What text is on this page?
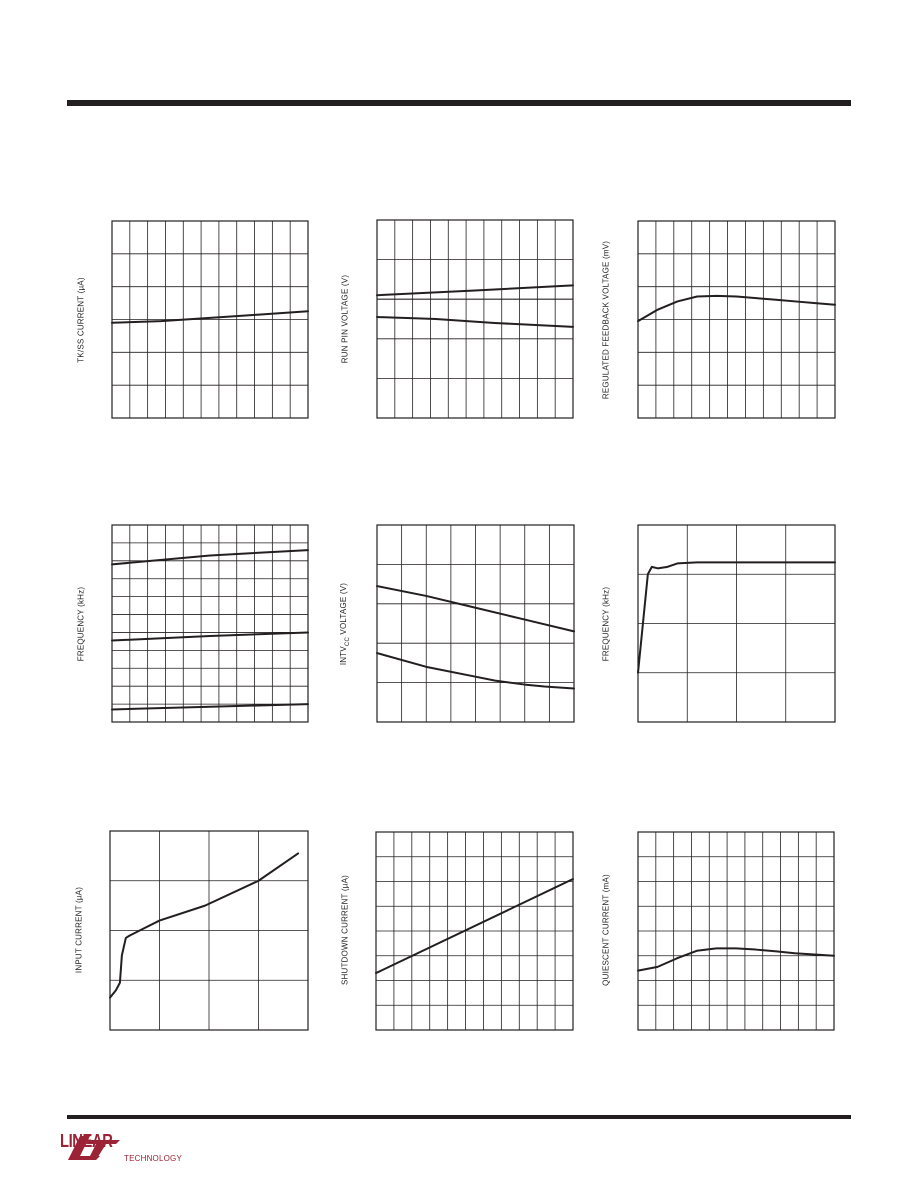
TK/SS CURRENT (µA)	RUN PIN VOLTAGE (V)	REGULATED FEEDBACK VOLTAGE (mV)
FREQUENCY (kHz)	$INTV_{CC}$ VOLTAGE (V)	FREQUENCY (kHz)
INPUT CURRENT (µA)	SHUTDOWN CURRENT (µA)	QUIESCENT CURRENT (mA)
LINEAR
TECHNOLOGY
